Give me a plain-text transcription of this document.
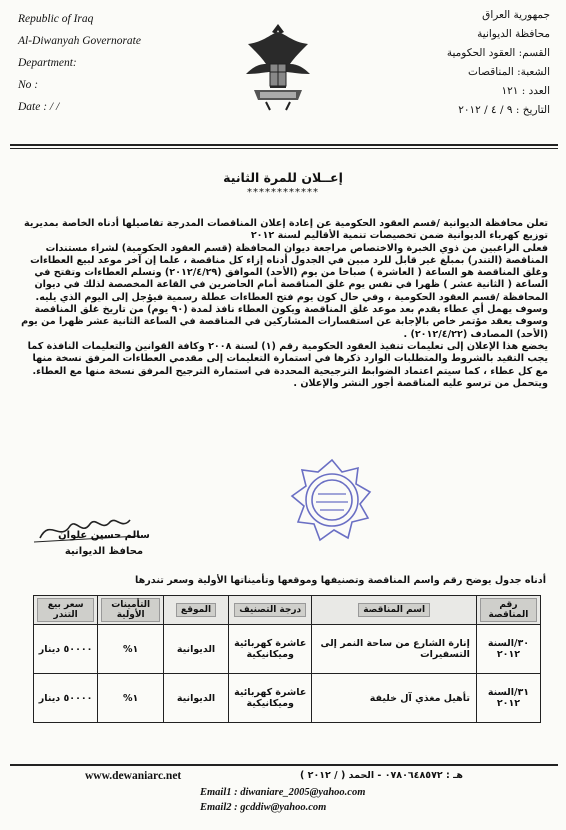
Republic of Iraq
Al-Diwanyah Governorate
Department:
No :
Date : / /
جمهورية العراق
محافظة الديوانية
القسم: العقود الحكومية
الشعبة: المناقصات
العدد : ١٢١
التاريخ : ٩ / ٤ / ٢٠١٢
إعــلان للمرة الثانية
************

تعلن محافظة الديوانية /قسم العقود الحكومية عن إعادة إعلان المناقصات المدرجة تفاصيلها أدناه الخاصة بمديرية توزيع كهرباء الديوانية ضمن تخصيصات تنمية الأقاليم لسنة ٢٠١٢

فعلى الراغبين من ذوي الخبرة والاختصاص مراجعة ديوان المحافظة (قسم العقود الحكومية) لشراء مستندات المناقصة (التندر) بمبلغ غير قابل للرد مبين في الجدول أدناه إزاء كل مناقصة ، علما إن آخر موعد لبيع العطاءات وغلق المناقصة هو الساعة ( العاشرة ) صباحا من يوم (الأحد) الموافق (٢٠١٢/٤/٢٩) وتسلم العطاءات وتفتح في الساعة ( الثانية عشر ) ظهرا في نفس يوم غلق المناقصة أمام الحاضرين في القاعة المخصصة لذلك في ديوان المحافظة /قسم العقود الحكومية ، وفي حال كون يوم فتح العطاءات عطلة رسمية فيؤجل إلى اليوم الذي يليه.

وسوف يهمل أي عطاء يقدم بعد موعد غلق المناقصة ويكون العطاء نافذ لمدة (٩٠ يوم) من تاريخ غلق المناقصة وسوف يعقد مؤتمر خاص بالإجابة عن استفسارات المشاركين في المناقصة في الساعة الثانية عشر ظهرا من يوم (الأحد) المصادف (٢٠١٢/٤/٢٢) .

يخضع هذا الإعلان إلى تعليمات تنفيذ العقود الحكومية رقم (١) لسنة ٢٠٠٨ وكافة القوانين والتعليمات النافذة كما يجب التقيد بالشروط والمتطلبات الوارد ذكرها في استمارة التعليمات إلى مقدمي العطاءات المرفق نسخة منها مع كل عطاء ، كما سيتم اعتماد الضوابط الترجيحية المحددة في استمارة الترجيح المرفق نسخة منها مع العطاء.

ويتحمل من ترسو عليه المناقصة أجور النشر والإعلان .

سالم حسين علوان
محافظ الديوانية
أدناه جدول يوضح رقم واسم المناقصة وتصنيفها وموقعها وتأميناتها الأولية وسعر تندرها
رقم المناقصة	اسم المناقصة	درجة التصنيف	الموقع	التأمينات الأولية	سعر بيع التندر
٣٠/السنة ٢٠١٢	إنارة الشارع من ساحة النمر إلى التسفيرات	عاشرة كهربائية وميكانيكية	الديوانية	١%	٥٠٠٠٠ دينار
٣١/السنة ٢٠١٢	تأهيل مغذي آل خليفة	عاشرة كهربائية وميكانيكية	الديوانية	١%	٥٠٠٠٠ دينار
www.dewaniarc.net	هـ : ٠٧٨٠٦٤٨٥٧٢ - الحمد ( / ٢٠١٢ )
Email1 : diwaniare_2005@yahoo.com
Email2 : gcddiw@yahoo.com
